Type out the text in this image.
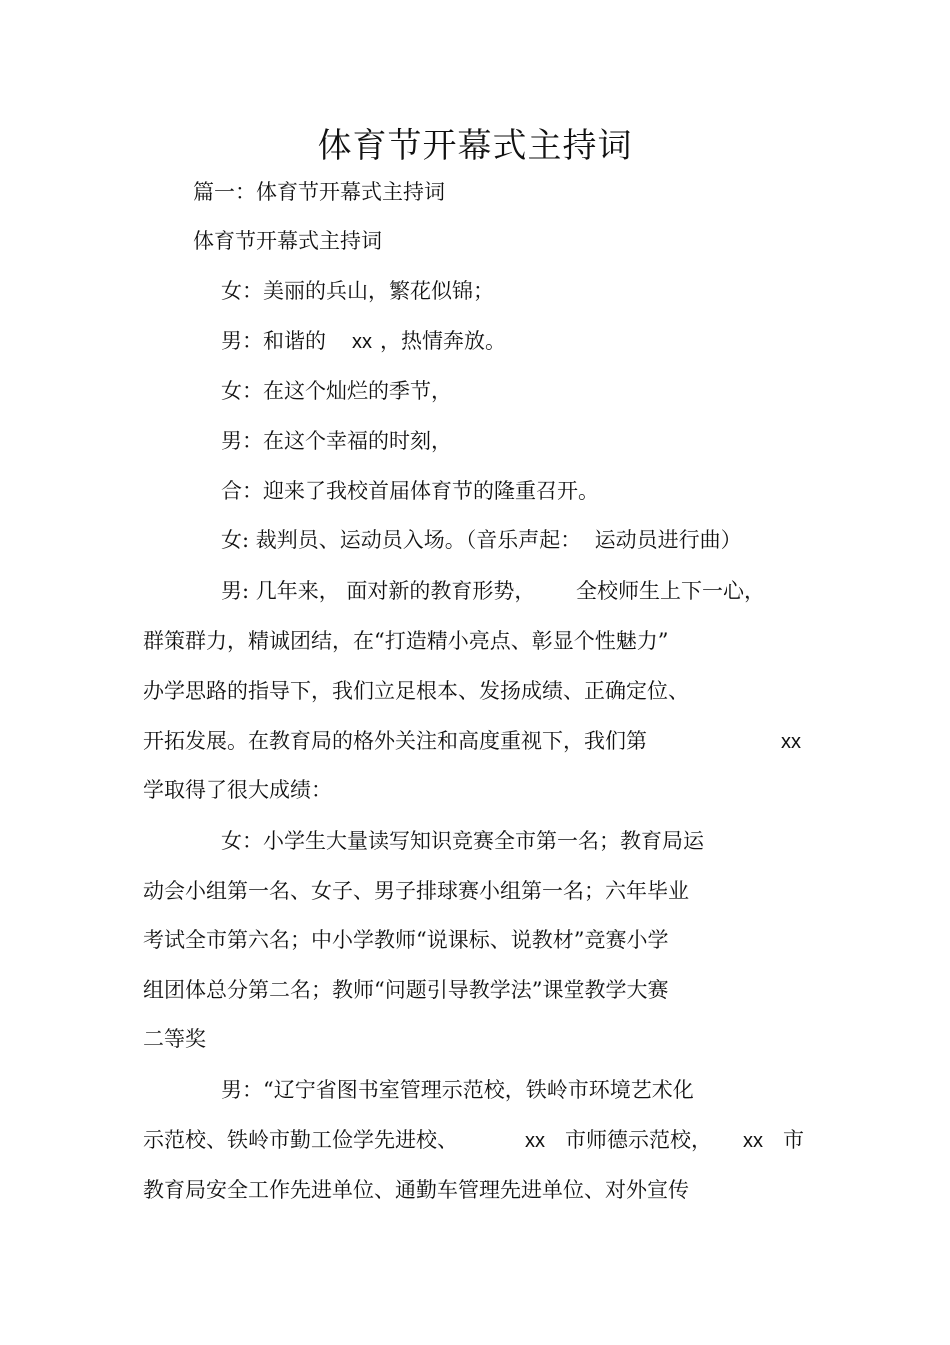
体育节开幕式主持词
篇一：体育节开幕式主持词
体育节开幕式主持词
女：美丽的兵山，繁花似锦；
男：和谐的 xx ，热情奔放。
女：在这个灿烂的季节，
男：在这个幸福的时刻，
合：迎来了我校首届体育节的隆重召开。
女: 裁判员、运动员入场。（音乐声起：  运动员进行曲）
男: 几年来， 面对新的教育形势， 全校师生上下一心，
群策群力，精诚团结，在“打造精小亮点、彰显个性魅力”
办学思路的指导下，我们立足根本、发扬成绩、正确定位、
开拓发展。在教育局的格外关注和高度重视下，我们第	xx
学取得了很大成绩：
女：小学生大量读写知识竞赛全市第一名；教育局运
动会小组第一名、女子、男子排球赛小组第一名；六年毕业
考试全市第六名；中小学教师“说课标、说教材”竞赛小学
组团体总分第二名；教师“问题引导教学法”课堂教学大赛
二等奖
男：“辽宁省图书室管理示范校，铁岭市环境艺术化
示范校、铁岭市勤工俭学先进校、	xx 市师德示范校， xx 市
教育局安全工作先进单位、通勤车管理先进单位、对外宣传
